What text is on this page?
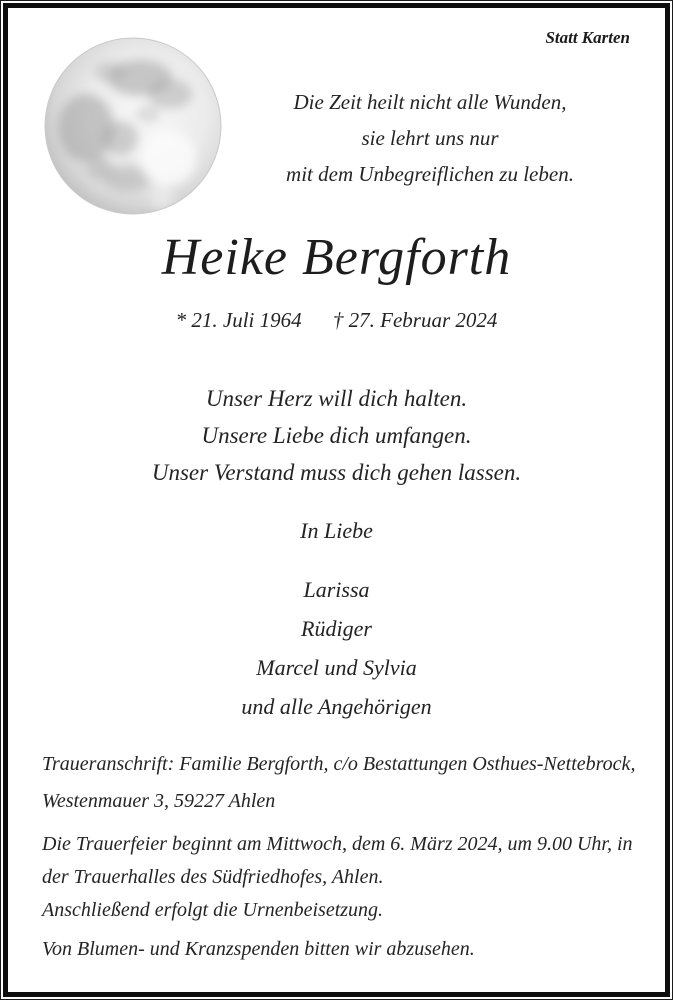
Statt Karten
Die Zeit heilt nicht alle Wunden,
sie lehrt uns nur
mit dem Unbegreiflichen zu leben.
Heike Bergforth
* 21. Juli 1964 † 27. Februar 2024
Unser Herz will dich halten.
Unsere Liebe dich umfangen.
Unser Verstand muss dich gehen lassen.
In Liebe
Larissa
Rüdiger
Marcel und Sylvia
und alle Angehörigen
Traueranschrift: Familie Bergforth, c/o Bestattungen Osthues-Nettebrock,
Westenmauer 3, 59227 Ahlen
Die Trauerfeier beginnt am Mittwoch, dem 6. März 2024, um 9.00 Uhr, in
der Trauerhalles des Südfriedhofes, Ahlen.
Anschließend erfolgt die Urnenbeisetzung.
Von Blumen- und Kranzspenden bitten wir abzusehen.
